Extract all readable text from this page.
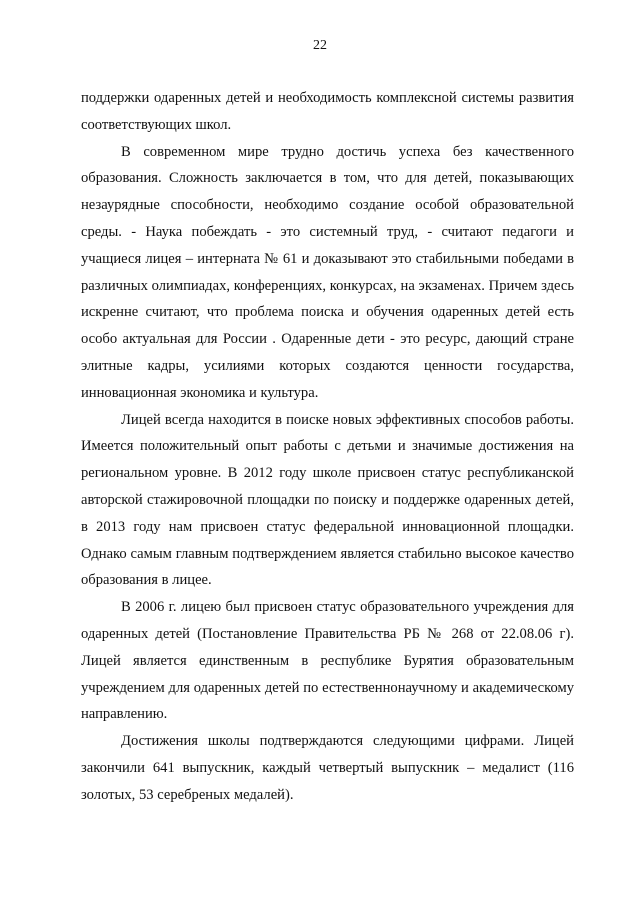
22

поддержки одаренных детей и необходимость комплексной системы развития соответствующих школ.

В современном мире трудно достичь успеха без качественного образования. Сложность заключается в том, что для детей, показывающих незаурядные способности, необходимо создание особой образовательной среды. - Наука побеждать - это системный труд, - считают педагоги и учащиеся лицея – интерната № 61 и доказывают это стабильными победами в различных олимпиадах, конференциях, конкурсах, на экзаменах. Причем здесь искренне считают, что проблема поиска и обучения одаренных детей есть особо актуальная для России . Одаренные дети - это ресурс, дающий стране элитные кадры, усилиями которых создаются ценности государства, инновационная экономика и культура.

Лицей всегда находится в поиске новых эффективных способов работы. Имеется положительный опыт работы с детьми и значимые достижения на региональном уровне. В 2012 году школе присвоен статус республиканской авторской стажировочной площадки по поиску и поддержке одаренных детей, в 2013 году нам присвоен статус федеральной инновационной площадки. Однако самым главным подтверждением является стабильно высокое качество образования в лицее.

В 2006 г. лицею был присвоен статус образовательного учреждения для одаренных детей (Постановление Правительства РБ № 268 от 22.08.06 г). Лицей является единственным в республике Бурятия образовательным учреждением для одаренных детей по естественнонаучному и академическому направлению.

Достижения школы подтверждаются следующими цифрами. Лицей закончили 641 выпускник, каждый четвертый выпускник – медалист (116 золотых, 53 серебреных медалей).
